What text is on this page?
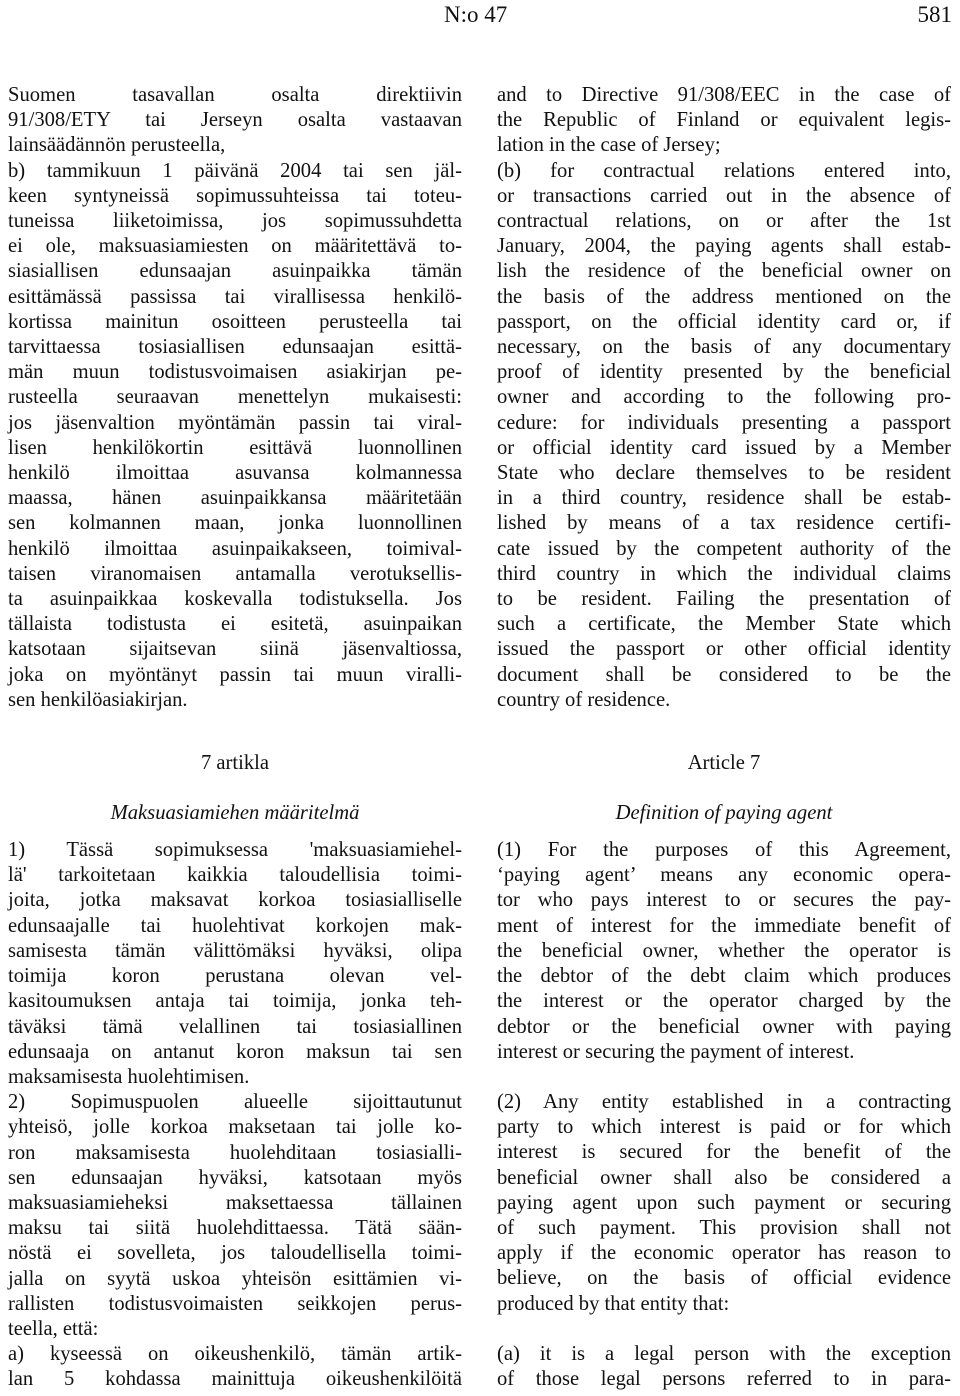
N:o 47	581
Suomen tasavallan osalta direktiivin
91/308/ETY tai Jerseyn osalta vastaavan
lainsäädännön perusteella,
b) tammikuun 1 päivänä 2004 tai sen jäl-
keen syntyneissä sopimussuhteissa tai toteu-
tuneissa liiketoimissa, jos sopimussuhdetta
ei ole, maksuasiamiesten on määritettävä to-
siasiallisen edunsaajan asuinpaikka tämän
esittämässä passissa tai virallisessa henkilö-
kortissa mainitun osoitteen perusteella tai
tarvittaessa tosiasiallisen edunsaajan esittä-
män muun todistusvoimaisen asiakirjan pe-
rusteella seuraavan menettelyn mukaisesti:
jos jäsenvaltion myöntämän passin tai viral-
lisen henkilökortin esittävä luonnollinen
henkilö ilmoittaa asuvansa kolmannessa
maassa, hänen asuinpaikkansa määritetään
sen kolmannen maan, jonka luonnollinen
henkilö ilmoittaa asuinpaikakseen, toimival-
taisen viranomaisen antamalla verotuksellis-
ta asuinpaikkaa koskevalla todistuksella. Jos
tällaista todistusta ei esitetä, asuinpaikan
katsotaan sijaitsevan siinä jäsenvaltiossa,
joka on myöntänyt passin tai muun viralli-
sen henkilöasiakirjan.
7 artikla
Maksuasiamiehen määritelmä
1) Tässä sopimuksessa 'maksuasiamiehel-
lä' tarkoitetaan kaikkia taloudellisia toimi-
joita, jotka maksavat korkoa tosiasialliselle
edunsaajalle tai huolehtivat korkojen mak-
samisesta tämän välittömäksi hyväksi, olipa
toimija koron perustana olevan vel-
kasitoumuksen antaja tai toimija, jonka teh-
täväksi tämä velallinen tai tosiasiallinen
edunsaaja on antanut koron maksun tai sen
maksamisesta huolehtimisen.
2) Sopimuspuolen alueelle sijoittautunut
yhteisö, jolle korkoa maksetaan tai jolle ko-
ron maksamisesta huolehditaan tosiasialli-
sen edunsaajan hyväksi, katsotaan myös
maksuasiamieheksi maksettaessa tällainen
maksu tai siitä huolehdittaessa. Tätä sään-
nöstä ei sovelleta, jos taloudellisella toimi-
jalla on syytä uskoa yhteisön esittämien vi-
rallisten todistusvoimaisten seikkojen perus-
teella, että:
a) kyseessä on oikeushenkilö, tämän artik-
lan 5 kohdassa mainittuja oikeushenkilöitä
and to Directive 91/308/EEC in the case of
the Republic of Finland or equivalent legis-
lation in the case of Jersey;
(b) for contractual relations entered into,
or transactions carried out in the absence of
contractual relations, on or after the 1st
January, 2004, the paying agents shall estab-
lish the residence of the beneficial owner on
the basis of the address mentioned on the
passport, on the official identity card or, if
necessary, on the basis of any documentary
proof of identity presented by the beneficial
owner and according to the following pro-
cedure: for individuals presenting a passport
or official identity card issued by a Member
State who declare themselves to be resident
in a third country, residence shall be estab-
lished by means of a tax residence certifi-
cate issued by the competent authority of the
third country in which the individual claims
to be resident. Failing the presentation of
such a certificate, the Member State which
issued the passport or other official identity
document shall be considered to be the
country of residence.
Article 7
Definition of paying agent
(1) For the purposes of this Agreement,
‘paying agent’ means any economic opera-
tor who pays interest to or secures the pay-
ment of interest for the immediate benefit of
the beneficial owner, whether the operator is
the debtor of the debt claim which produces
the interest or the operator charged by the
debtor or the beneficial owner with paying
interest or securing the payment of interest.
(2) Any entity established in a contracting
party to which interest is paid or for which
interest is secured for the benefit of the
beneficial owner shall also be considered a
paying agent upon such payment or securing
of such payment. This provision shall not
apply if the economic operator has reason to
believe, on the basis of official evidence
produced by that entity that:
(a) it is a legal person with the exception
of those legal persons referred to in para-
